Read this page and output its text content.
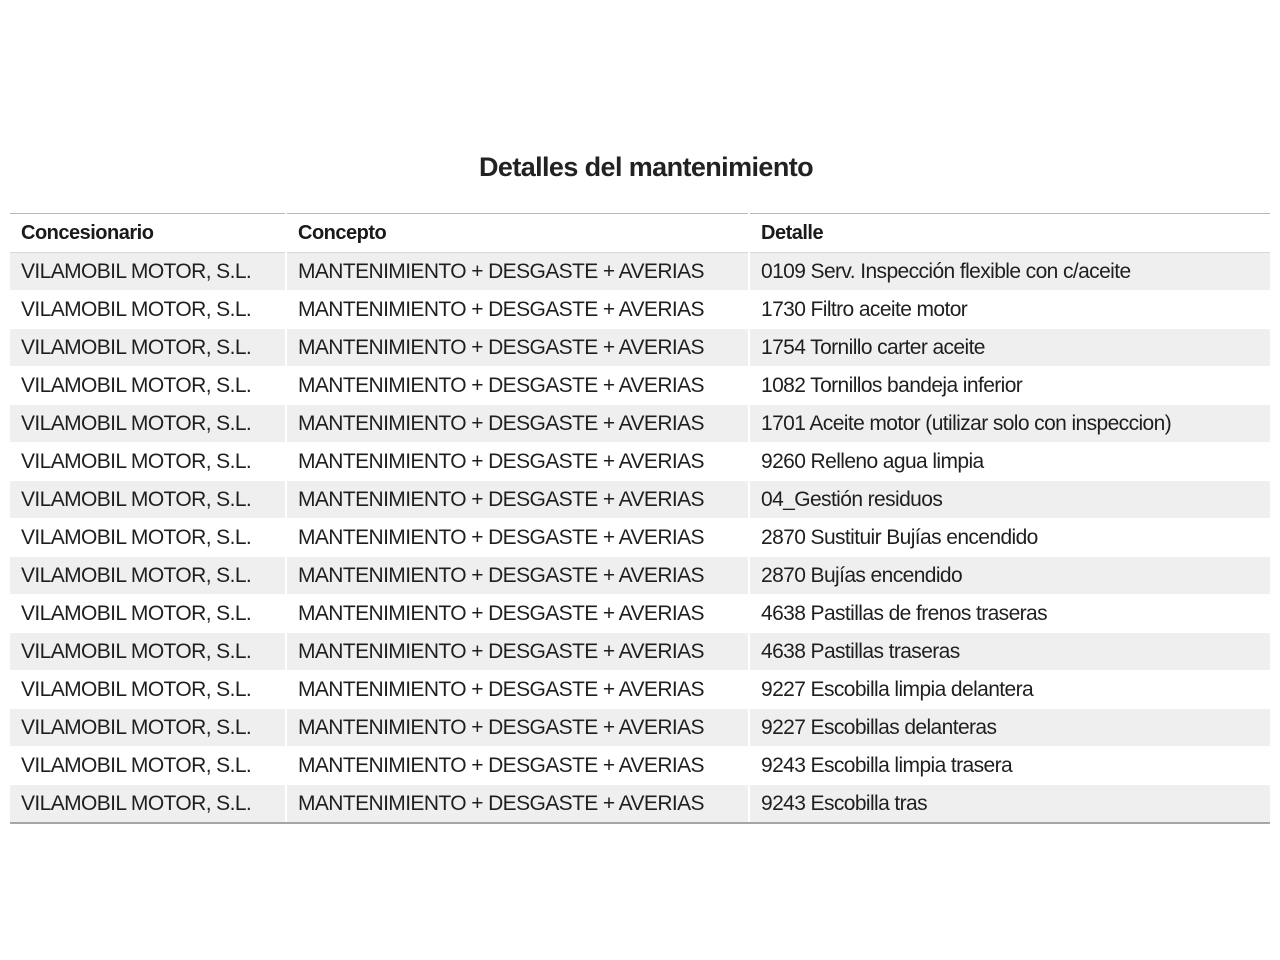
Detalles del mantenimiento
Concesionario	Concepto	Detalle
VILAMOBIL MOTOR, S.L.	MANTENIMIENTO + DESGASTE + AVERIAS	0109 Serv. Inspección flexible con c/aceite
VILAMOBIL MOTOR, S.L.	MANTENIMIENTO + DESGASTE + AVERIAS	1730 Filtro aceite motor
VILAMOBIL MOTOR, S.L.	MANTENIMIENTO + DESGASTE + AVERIAS	1754 Tornillo carter aceite
VILAMOBIL MOTOR, S.L.	MANTENIMIENTO + DESGASTE + AVERIAS	1082 Tornillos bandeja inferior
VILAMOBIL MOTOR, S.L.	MANTENIMIENTO + DESGASTE + AVERIAS	1701 Aceite motor (utilizar solo con inspeccion)
VILAMOBIL MOTOR, S.L.	MANTENIMIENTO + DESGASTE + AVERIAS	9260 Relleno agua limpia
VILAMOBIL MOTOR, S.L.	MANTENIMIENTO + DESGASTE + AVERIAS	04_Gestión residuos
VILAMOBIL MOTOR, S.L.	MANTENIMIENTO + DESGASTE + AVERIAS	2870 Sustituir Bujías encendido
VILAMOBIL MOTOR, S.L.	MANTENIMIENTO + DESGASTE + AVERIAS	2870 Bujías encendido
VILAMOBIL MOTOR, S.L.	MANTENIMIENTO + DESGASTE + AVERIAS	4638 Pastillas de frenos traseras
VILAMOBIL MOTOR, S.L.	MANTENIMIENTO + DESGASTE + AVERIAS	4638 Pastillas traseras
VILAMOBIL MOTOR, S.L.	MANTENIMIENTO + DESGASTE + AVERIAS	9227 Escobilla limpia delantera
VILAMOBIL MOTOR, S.L.	MANTENIMIENTO + DESGASTE + AVERIAS	9227 Escobillas delanteras
VILAMOBIL MOTOR, S.L.	MANTENIMIENTO + DESGASTE + AVERIAS	9243 Escobilla limpia trasera
VILAMOBIL MOTOR, S.L.	MANTENIMIENTO + DESGASTE + AVERIAS	9243 Escobilla tras
